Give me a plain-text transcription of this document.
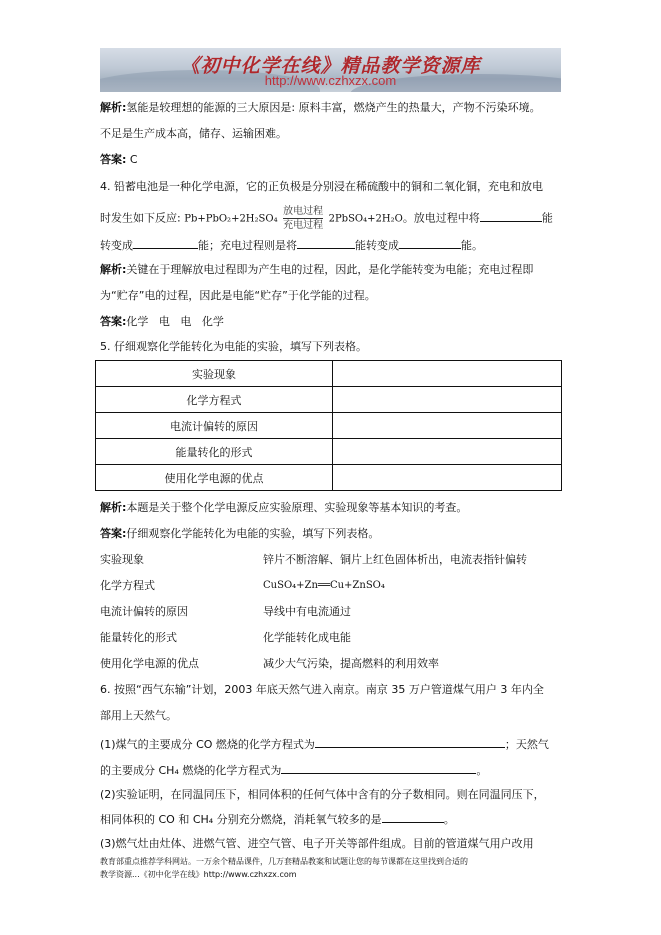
《初中化学在线》精品教学资源库
http://www.czhxzx.com
解析:氢能是较理想的能源的三大原因是: 原料丰富，燃烧产生的热量大，产物不污染环境。
不足是生产成本高，储存、运输困难。
答案: C
4. 铅蓄电池是一种化学电源，它的正负极是分别浸在稀硫酸中的铜和二氧化铜，充电和放电
时发生如下反应: Pb+PbO₂+2H₂SO₄
放电过程
充电过程
2PbSO₄+2H₂O。放电过程中将	能
转变成	能；充电过程则是将	能转变成	能。
解析:关键在于理解放电过程即为产生电的过程，因此，是化学能转变为电能；充电过程即
为“贮存”电的过程，因此是电能“贮存”于化学能的过程。
答案:化学   电   电   化学
5. 仔细观察化学能转化为电能的实验，填写下列表格。
实验现象	
化学方程式	
电流计偏转的原因	
能量转化的形式	
使用化学电源的优点	
解析:本题是关于整个化学电源反应实验原理、实验现象等基本知识的考查。
答案:仔细观察化学能转化为电能的实验，填写下列表格。
实验现象	锌片不断溶解、铜片上红色固体析出，电流表指针偏转
化学方程式	CuSO₄+Zn══Cu+ZnSO₄
电流计偏转的原因	导线中有电流通过
能量转化的形式	化学能转化成电能
使用化学电源的优点	减少大气污染，提高燃料的利用效率
6. 按照“西气东输”计划，2003 年底天然气进入南京。南京 35 万户管道煤气用户 3 年内全
部用上天然气。
(1)煤气的主要成分 CO 燃烧的化学方程式为	；天然气
的主要成分 CH₄ 燃烧的化学方程式为	。
(2)实验证明，在同温同压下，相同体积的任何气体中含有的分子数相同。则在同温同压下，
相同体积的 CO 和 CH₄ 分别充分燃烧，消耗氧气较多的是	。
(3)燃气灶由灶体、进燃气管、进空气管、电子开关等部件组成。目前的管道煤气用户改用
教育部重点推荐学科网站。一万余个精品课件，几万套精品教案和试题让您的每节课都在这里找到合适的
教学资源...《初中化学在线》http://www.czhxzx.com
